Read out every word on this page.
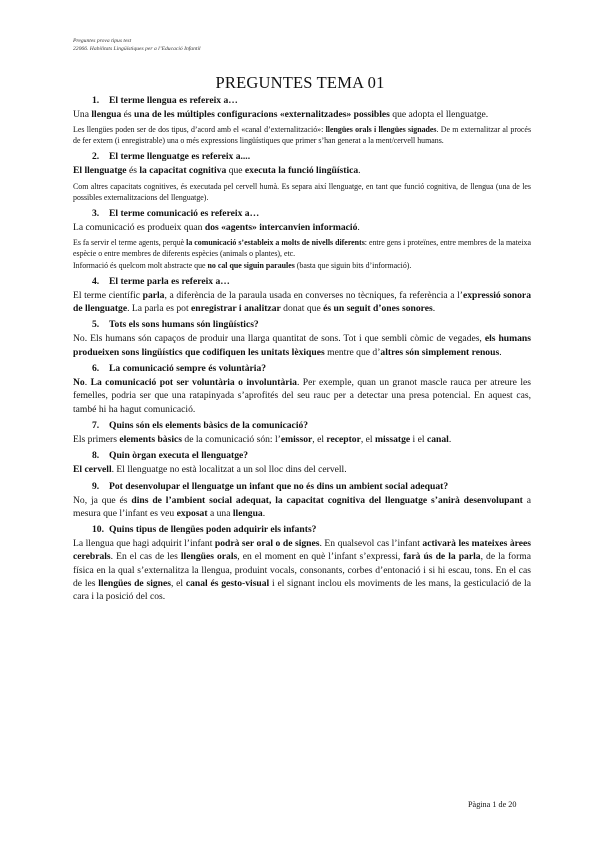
Preguntes prova tipus test
22066. Habilitats Lingüístiques per a l’Educació Infantil
PREGUNTES TEMA 01
1. El terme llengua es refereix a…
Una llengua és una de les múltiples configuracions «externalitzades» possibles que adopta el llenguatge.
Les llengües poden ser de dos tipus, d’acord amb el «canal d’externalització»: llengües orals i llengües signades. De m externalitzar al procés de fer extern (i enregistrable) una o més expressions lingüístiques que primer s’han generat a la ment/cervell humans.
2. El terme llenguatge es refereix a....
El llenguatge és la capacitat cognitiva que executa la funció lingüística.
Com altres capacitats cognitives, és executada pel cervell humà. Es separa així llenguatge, en tant que funció cognitiva, de llengua (una de les possibles externalitzacions del llenguatge).
3. El terme comunicació es refereix a…
La comunicació es produeix quan dos «agents» intercanvien informació.
Es fa servir el terme agents, perquè la comunicació s’estableix a molts de nivells diferents: entre gens i proteïnes, entre membres de la mateixa espècie o entre membres de diferents espècies (animals o plantes), etc.
Informació és quelcom molt abstracte que no cal que siguin paraules (basta que siguin bits d’informació).
4. El terme parla es refereix a…
El terme científic parla, a diferència de la paraula usada en converses no tècniques, fa referència a l’expressió sonora de llenguatge. La parla es pot enregistrar i analitzar donat que és un seguit d’ones sonores.
5. Tots els sons humans són lingüístics?
No. Els humans són capaços de produir una llarga quantitat de sons. Tot i que sembli còmic de vegades, els humans produeixen sons lingüístics que codifiquen les unitats lèxiques mentre que d’altres són simplement renous.
6. La comunicació sempre és voluntària?
No. La comunicació pot ser voluntària o involuntària. Per exemple, quan un granot mascle rauca per atreure les femelles, podria ser que una ratapinyada s’aprofités del seu rauc per a detectar una presa potencial. En aquest cas, també hi ha hagut comunicació.
7. Quins són els elements bàsics de la comunicació?
Els primers elements bàsics de la comunicació són: l’emissor, el receptor, el missatge i el canal.
8. Quin òrgan executa el llenguatge?
El cervell. El llenguatge no està localitzat a un sol lloc dins del cervell.
9. Pot desenvolupar el llenguatge un infant que no és dins un ambient social adequat?
No, ja que és dins de l’ambient social adequat, la capacitat cognitiva del llenguatge s’anirà desenvolupant a mesura que l’infant es veu exposat a una llengua.
10. Quins tipus de llengües poden adquirir els infants?
La llengua que hagi adquirit l’infant podrà ser oral o de signes. En qualsevol cas l’infant activarà les mateixes àrees cerebrals. En el cas de les llengües orals, en el moment en què l’infant s’expressi, farà ús de la parla, de la forma física en la qual s’externalitza la llengua, produint vocals, consonants, corbes d’entonació i si hi escau, tons. En el cas de les llengües de signes, el canal és gesto-visual i el signant inclou els moviments de les mans, la gesticulació de la cara i la posició del cos.
Pàgina 1 de 20
